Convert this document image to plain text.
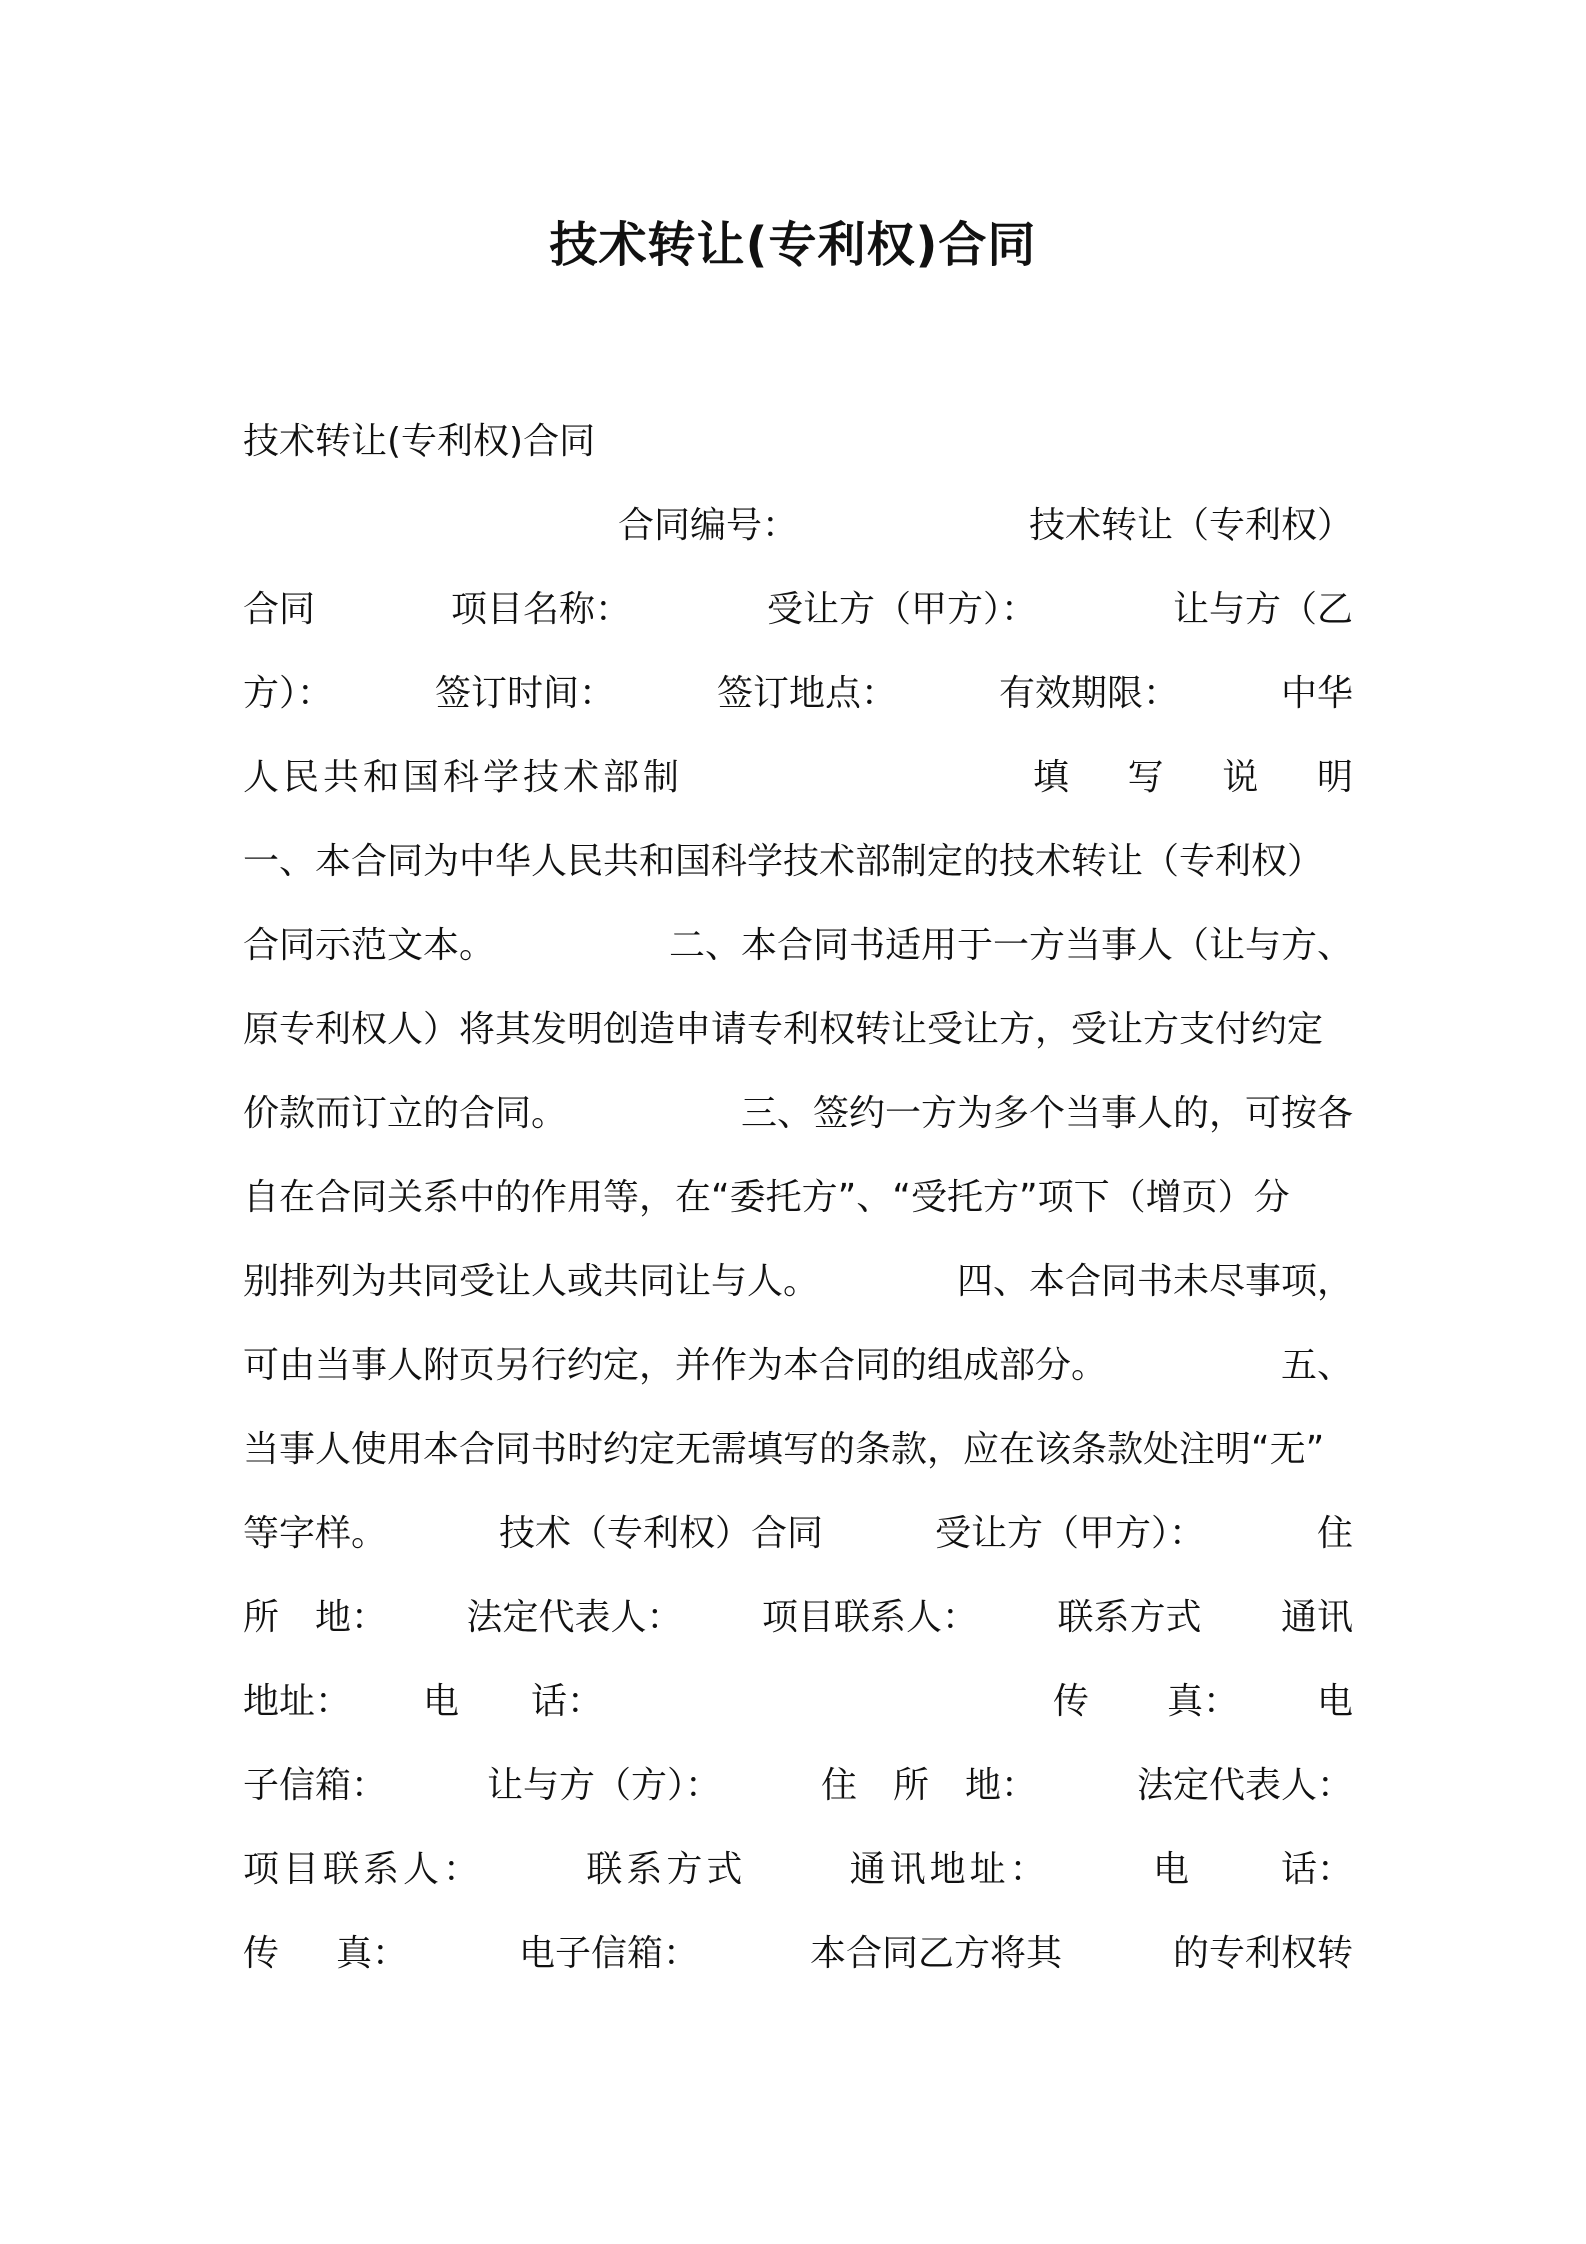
技术转让(专利权)合同
技术转让(专利权)合同
合同编号：	技术转让（专利权）
合同	项目名称：	受让方（甲方）：	让与方（乙
方）：	签订时间：	签订地点：	有效期限：	中华
人民共和国科学技术部制	填 写 说 明
一、本合同为中华人民共和国科学技术部制定的技术转让（专利权）
合同示范文本。	二、本合同书适用于一方当事人（让与方、
原专利权人）将其发明创造申请专利权转让受让方，受让方支付约定
价款而订立的合同。	三、签约一方为多个当事人的，可按各
自在合同关系中的作用等，在“委托方”、“受托方”项下（增页）分
别排列为共同受让人或共同让与人。	四、本合同书未尽事项，
可由当事人附页另行约定，并作为本合同的组成部分。	五、
当事人使用本合同书时约定无需填写的条款，应在该条款处注明“无”
等字样。	技术（专利权）合同	受让方（甲方）：	住
所　地： 法定代表人： 项目联系人： 联系方式 通讯
地址： 电 话：	传 真： 电
子信箱：	让与方（方）：	住　所　地：	法定代表人：
项目联系人：	联系方式	通讯地址：	电	话：
传 真：	电子信箱：	本合同乙方将其	的专利权转
